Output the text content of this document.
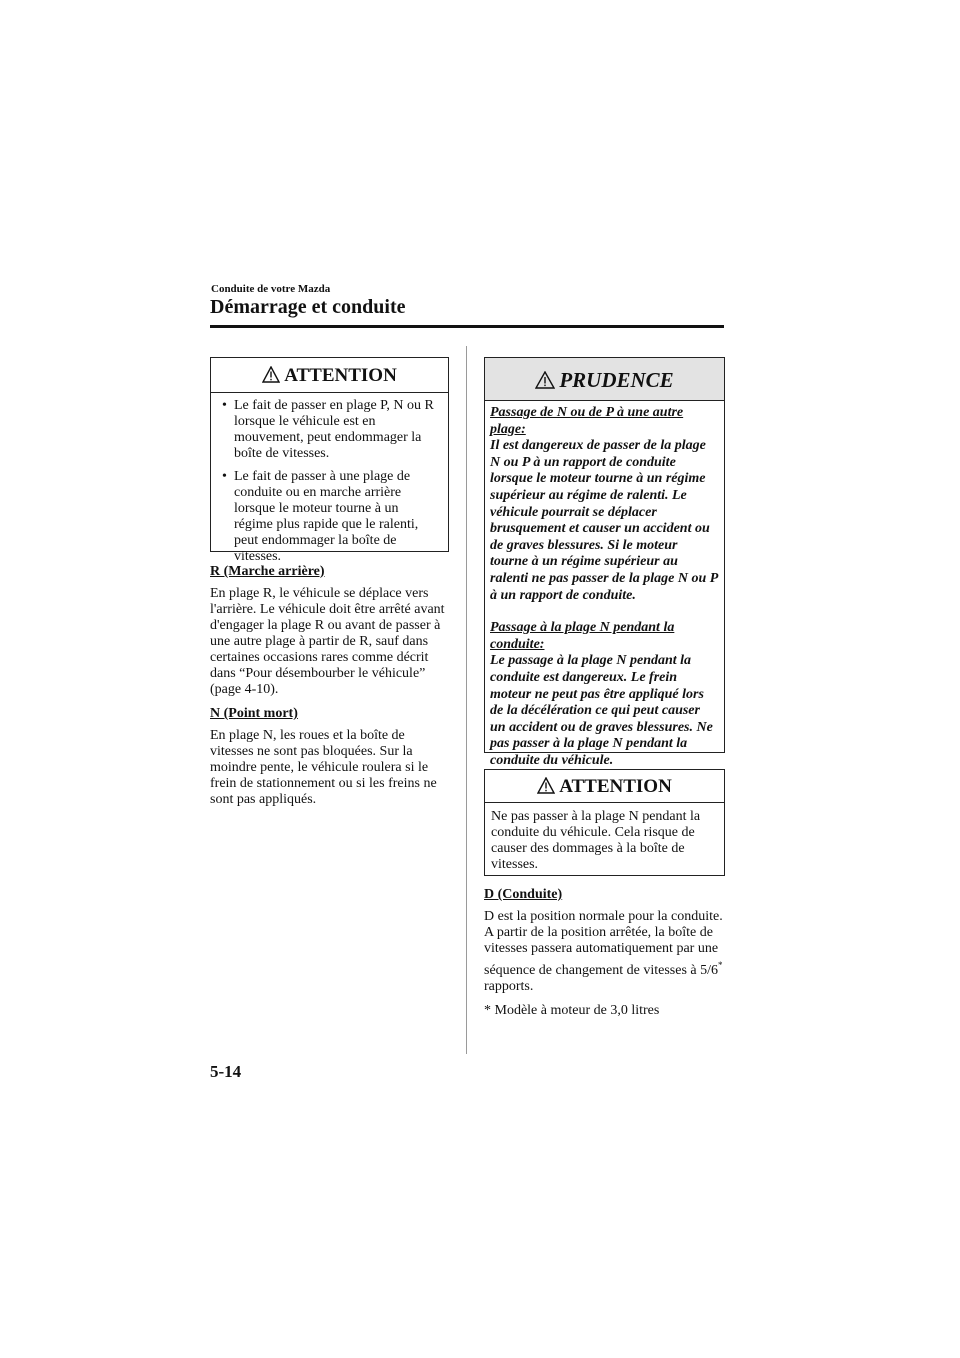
Conduite de votre Mazda
Démarrage et conduite
ATTENTION
• Le fait de passer en plage P, N ou R lorsque le véhicule est en mouvement, peut endommager la boîte de vitesses.
• Le fait de passer à une plage de conduite ou en marche arrière lorsque le moteur tourne à un régime plus rapide que le ralenti, peut endommager la boîte de vitesses.
R (Marche arrière)
En plage R, le véhicule se déplace vers l'arrière. Le véhicule doit être arrêté avant d'engager la plage R ou avant de passer à une autre plage à partir de R, sauf dans certaines occasions rares comme décrit dans “Pour désembourber le véhicule” (page 4-10).
N (Point mort)
En plage N, les roues et la boîte de vitesses ne sont pas bloquées. Sur la moindre pente, le véhicule roulera si le frein de stationnement ou si les freins ne sont pas appliqués.
PRUDENCE
Passage de N ou de P à une autre plage:
Il est dangereux de passer de la plage N ou P à un rapport de conduite lorsque le moteur tourne à un régime supérieur au régime de ralenti. Le véhicule pourrait se déplacer brusquement et causer un accident ou de graves blessures. Si le moteur tourne à un régime supérieur au ralenti ne pas passer de la plage N ou P à un rapport de conduite.
Passage à la plage N pendant la conduite:
Le passage à la plage N pendant la conduite est dangereux. Le frein moteur ne peut pas être appliqué lors de la décélération ce qui peut causer un accident ou de graves blessures. Ne pas passer à la plage N pendant la conduite du véhicule.
ATTENTION
Ne pas passer à la plage N pendant la conduite du véhicule. Cela risque de causer des dommages à la boîte de vitesses.
D (Conduite)
D est la position normale pour la conduite. A partir de la position arrêtée, la boîte de vitesses passera automatiquement par une séquence de changement de vitesses à 5/6* rapports.
* Modèle à moteur de 3,0 litres
5-14
